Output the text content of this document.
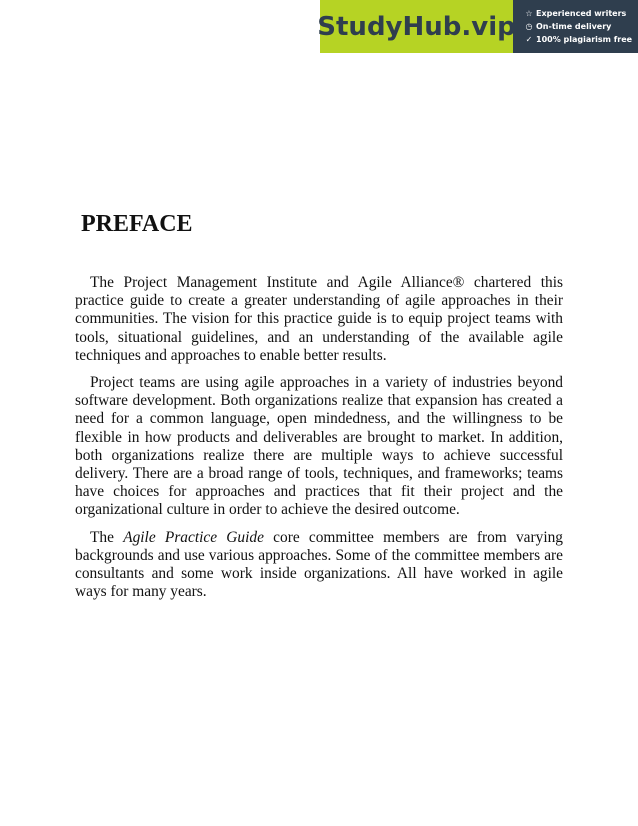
StudyHub.vip ☆ Experienced writers
◷ On-time delivery
✓ 100% plagiarism free
PREFACE

The Project Management Institute and Agile Alliance® chartered this practice guide to create a greater understanding of agile approaches in their communities. The vision for this practice guide is to equip project teams with tools, situational guidelines, and an understanding of the available agile techniques and approaches to enable better results.

Project teams are using agile approaches in a variety of industries beyond software development. Both organizations realize that expansion has created a need for a common language, open mindedness, and the willingness to be flexible in how products and deliverables are brought to market. In addition, both organizations realize there are multiple ways to achieve successful delivery. There are a broad range of tools, techniques, and frameworks; teams have choices for approaches and practices that fit their project and the organizational culture in order to achieve the desired outcome.

The Agile Practice Guide core committee members are from varying backgrounds and use various approaches. Some of the committee members are consultants and some work inside organizations. All have worked in agile ways for many years.
